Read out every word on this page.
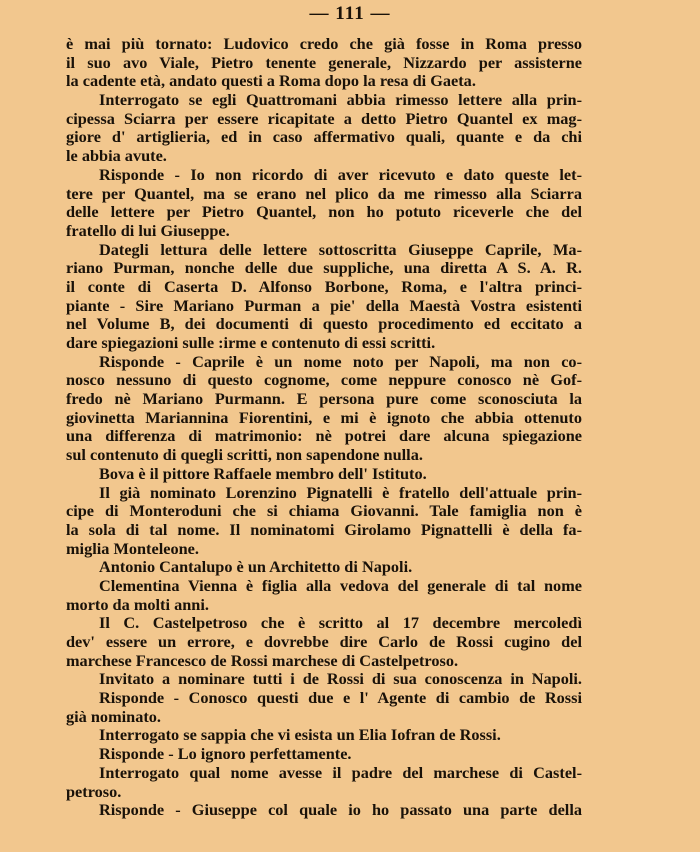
— 111 —
è mai più tornato: Ludovico credo che già fosse in Roma presso
il suo avo Viale, Pietro tenente generale, Nizzardo per assisterne
la cadente età, andato questi a Roma dopo la resa di Gaeta.
Interrogato se egli Quattromani abbia rimesso lettere alla prin-
cipessa Sciarra per essere ricapitate a detto Pietro Quantel ex mag-
giore d' artiglieria, ed in caso affermativo quali, quante e da chi
le abbia avute.
Risponde - Io non ricordo di aver ricevuto e dato queste let-
tere per Quantel, ma se erano nel plico da me rimesso alla Sciarra
delle lettere per Pietro Quantel, non ho potuto riceverle che del
fratello di lui Giuseppe.
Dategli lettura delle lettere sottoscritta Giuseppe Caprile, Ma-
riano Purman, nonche delle due suppliche, una diretta A S. A. R.
il conte di Caserta D. Alfonso Borbone, Roma, e l'altra princi-
piante - Sire Mariano Purman a pie' della Maestà Vostra esistenti
nel Volume B, dei documenti di questo procedimento ed eccitato a
dare spiegazioni sulle :irme e contenuto di essi scritti.
Risponde - Caprile è un nome noto per Napoli, ma non co-
nosco nessuno di questo cognome, come neppure conosco nè Gof-
fredo nè Mariano Purmann. E persona pure come sconosciuta la
giovinetta Mariannina Fiorentini, e mi è ignoto che abbia ottenuto
una differenza di matrimonio: nè potrei dare alcuna spiegazione
sul contenuto di quegli scritti, non sapendone nulla.
Bova è il pittore Raffaele membro dell' Istituto.
Il già nominato Lorenzino Pignatelli è fratello dell'attuale prin-
cipe di Monteroduni che si chiama Giovanni. Tale famiglia non è
la sola di tal nome. Il nominatomi Girolamo Pignattelli è della fa-
miglia Monteleone.
Antonio Cantalupo è un Architetto di Napoli.
Clementina Vienna è figlia alla vedova del generale di tal nome
morto da molti anni.
Il C. Castelpetroso che è scritto al 17 decembre mercoledì
dev' essere un errore, e dovrebbe dire Carlo de Rossi cugino del
marchese Francesco de Rossi marchese di Castelpetroso.
Invitato a nominare tutti i de Rossi di sua conoscenza in Napoli.
Risponde - Conosco questi due e l' Agente di cambio de Rossi
già nominato.
Interrogato se sappia che vi esista un Elia Iofran de Rossi.
Risponde - Lo ignoro perfettamente.
Interrogato qual nome avesse il padre del marchese di Castel-
petroso.
Risponde - Giuseppe col quale io ho passato una parte della
